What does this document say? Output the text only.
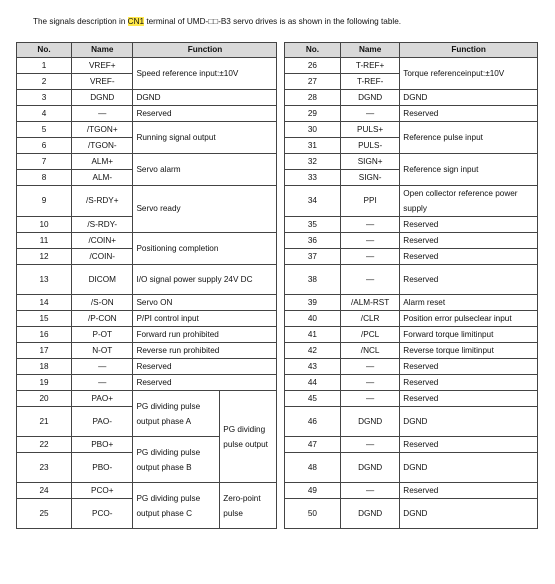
The signals description in CN1 terminal of UMD-□□-B3 servo drives is as shown in the following table.
No.	Name	Function			No.	Name	Function
1	VREF+	Speed reference input:±10V			26	T-REF+	Torque referenceinput:±10V
2	VREF-				27	T-REF-	
3	DGND	DGND			28	DGND	DGND
4	—	Reserved			29	—	Reserved
5	/TGON+	Running signal output			30	PULS+	Reference pulse input
6	/TGON-				31	PULS-	
7	ALM+	Servo alarm			32	SIGN+	Reference sign input
8	ALM-				33	SIGN-	
9	/S-RDY+	Servo ready			34	PPI	Open collector reference power supply
10	/S-RDY-				35	—	Reserved
11	/COIN+	Positioning completion			36	—	Reserved
12	/COIN-				37	—	Reserved
13	DICOM	I/O signal power supply 24V DC			38	—	Reserved
14	/S-ON	Servo ON			39	/ALM-RST	Alarm reset
15	/P-CON	P/PI control input			40	/CLR	Position error pulseclear input
16	P-OT	Forward run prohibited			41	/PCL	Forward torque limitinput
17	N-OT	Reverse run prohibited			42	/NCL	Reverse torque limitinput
18	—	Reserved			43	—	Reserved
19	—	Reserved			44	—	Reserved
20	PAO+	PG dividing pulse output phase A	PG dividing pulse output		45	—	Reserved
21	PAO-				46	DGND	DGND
22	PBO+	PG dividing pulse output phase B			47	—	Reserved
23	PBO-				48	DGND	DGND
24	PCO+	PG dividing pulse output phase C	Zero-point pulse		49	—	Reserved
25	PCO-				50	DGND	DGND
